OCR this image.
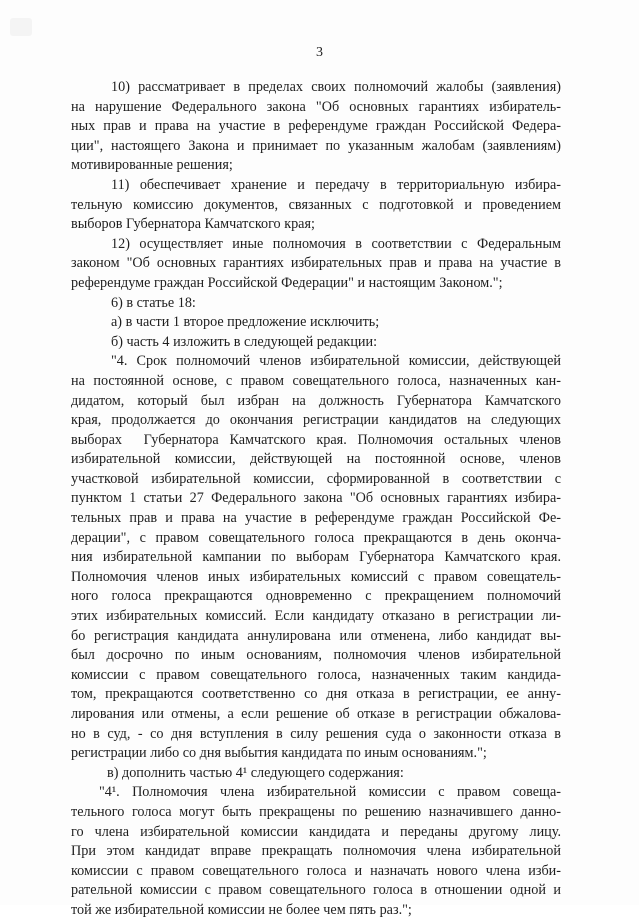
3
10) рассматривает в пределах своих полномочий жалобы (заявления)
на нарушение Федерального закона "Об основных гарантиях избиратель-
ных прав и права на участие в референдуме граждан Российской Федера-
ции", настоящего Закона и принимает по указанным жалобам (заявлениям)
мотивированные решения;
11) обеспечивает хранение и передачу в территориальную избира-
тельную комиссию документов, связанных с подготовкой и проведением
выборов Губернатора Камчатского края;
12) осуществляет иные полномочия в соответствии с Федеральным
законом "Об основных гарантиях избирательных прав и права на участие в
референдуме граждан Российской Федерации" и настоящим Законом.";
6) в статье 18:
а) в части 1 второе предложение исключить;
б) часть 4 изложить в следующей редакции:
"4. Срок полномочий членов избирательной комиссии, действующей
на постоянной основе, с правом совещательного голоса, назначенных кан-
дидатом, который был избран на должность Губернатора Камчатского
края, продолжается до окончания регистрации кандидатов на следующих
выборах  Губернатора Камчатского края. Полномочия остальных членов
избирательной комиссии, действующей на постоянной основе, членов
участковой избирательной комиссии, сформированной в соответствии с
пунктом 1 статьи 27 Федерального закона "Об основных гарантиях избира-
тельных прав и права на участие в референдуме граждан Российской Фе-
дерации", с правом совещательного голоса прекращаются в день оконча-
ния избирательной кампании по выборам Губернатора Камчатского края.
Полномочия членов иных избирательных комиссий с правом совещатель-
ного голоса прекращаются одновременно с прекращением полномочий
этих избирательных комиссий. Если кандидату отказано в регистрации ли-
бо регистрация кандидата аннулирована или отменена, либо кандидат вы-
был досрочно по иным основаниям, полномочия членов избирательной
комиссии с правом совещательного голоса, назначенных таким кандида-
том, прекращаются соответственно со дня отказа в регистрации, ее анну-
лирования или отмены, а если решение об отказе в регистрации обжалова-
но в суд, - со дня вступления в силу решения суда о законности отказа в
регистрации либо со дня выбытия кандидата по иным основаниям.";
в) дополнить частью 4¹ следующего содержания:
"4¹. Полномочия члена избирательной комиссии с правом совеща-
тельного голоса могут быть прекращены по решению назначившего данно-
го члена избирательной комиссии кандидата и переданы другому лицу.
При этом кандидат вправе прекращать полномочия члена избирательной
комиссии с правом совещательного голоса и назначать нового члена изби-
рательной комиссии с правом совещательного голоса в отношении одной и
той же избирательной комиссии не более чем пять раз.";
